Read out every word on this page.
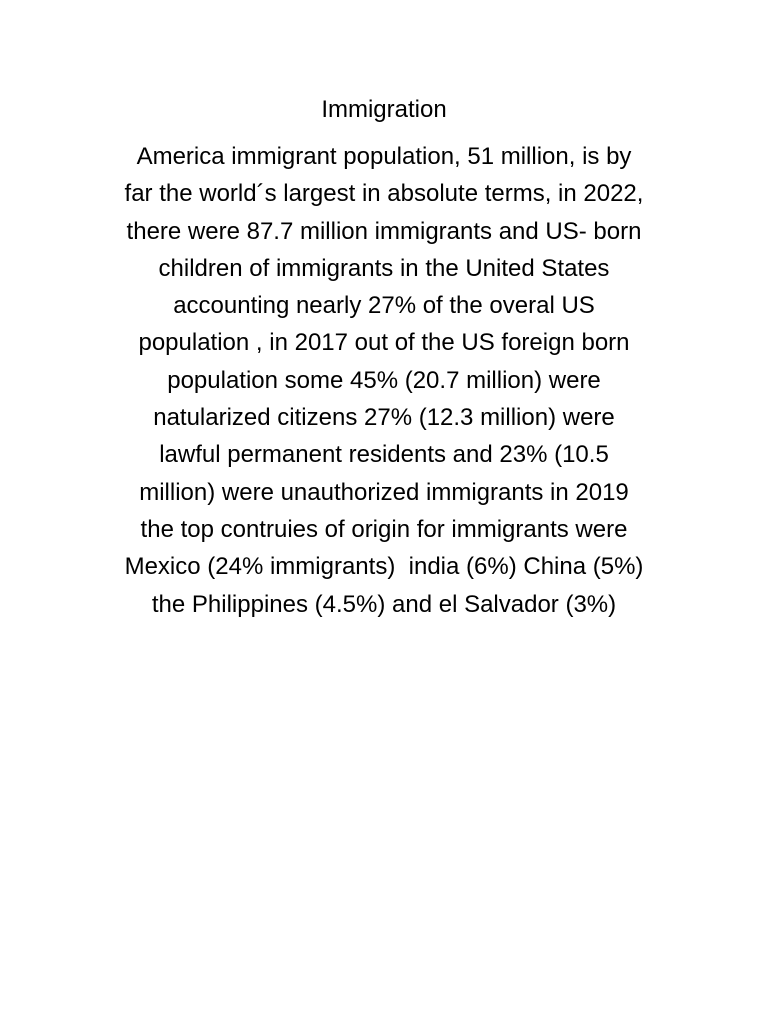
Immigration

America immigrant population, 51 million, is by
far the world´s largest in absolute terms, in 2022,
there were 87.7 million immigrants and US- born
children of immigrants in the United States
accounting nearly 27% of the overal US
population , in 2017 out of the US foreign born
population some 45% (20.7 million) were
natularized citizens 27% (12.3 million) were
lawful permanent residents and 23% (10.5
million) were unauthorized immigrants in 2019
the top contruies of origin for immigrants were
Mexico (24% immigrants)  india (6%) China (5%)
the Philippines (4.5%) and el Salvador (3%)
